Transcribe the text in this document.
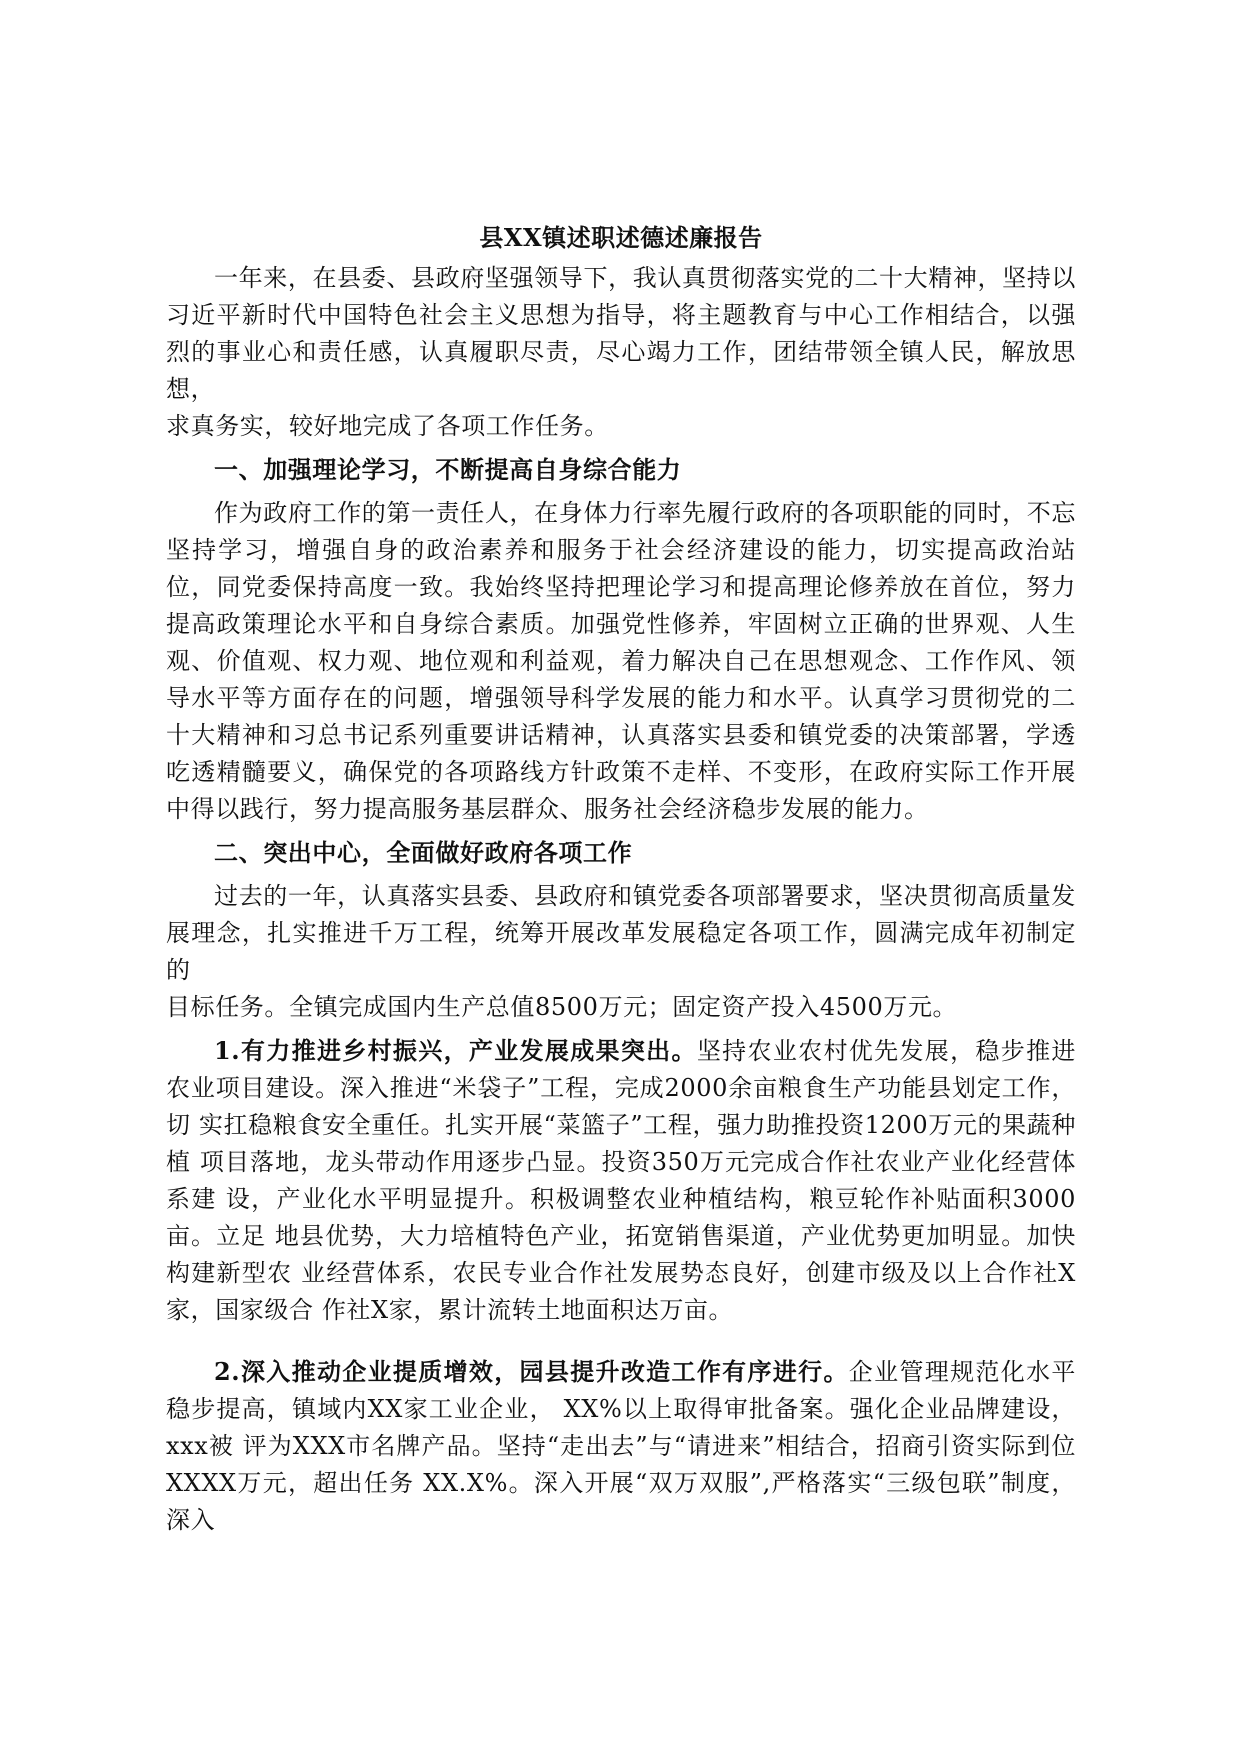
县XX镇述职述德述廉报告

一年来，在县委、县政府坚强领导下，我认真贯彻落实党的二十大精神，坚持以习近平新时代中国特色社会主义思想为指导，将主题教育与中心工作相结合，以强烈的事业心和责任感，认真履职尽责，尽心竭力工作，团结带领全镇人民，解放思想，

求真务实，较好地完成了各项工作任务。

一、加强理论学习，不断提高自身综合能力

作为政府工作的第一责任人，在身体力行率先履行政府的各项职能的同时，不忘坚持学习，增强自身的政治素养和服务于社会经济建设的能力，切实提高政治站位，同党委保持高度一致。我始终坚持把理论学习和提高理论修养放在首位，努力提高政策理论水平和自身综合素质。加强党性修养，牢固树立正确的世界观、人生观、价值观、权力观、地位观和利益观，着力解决自己在思想观念、工作作风、领导水平等方面存在的问题，增强领导科学发展的能力和水平。认真学习贯彻党的二十大精神和习总书记系列重要讲话精神，认真落实县委和镇党委的决策部署，学透吃透精髓要义，确保党的各项路线方针政策不走样、不变形，在政府实际工作开展中得以践行，努力提高服务基层群众、服务社会经济稳步发展的能力。

二、突出中心，全面做好政府各项工作

过去的一年，认真落实县委、县政府和镇党委各项部署要求，坚决贯彻高质量发展理念，扎实推进千万工程，统筹开展改革发展稳定各项工作，圆满完成年初制定的

目标任务。全镇完成国内生产总值8500万元；固定资产投入4500万元。

1.有力推进乡村振兴，产业发展成果突出。坚持农业农村优先发展，稳步推进农业项目建设。深入推进“米袋子”工程，完成2000余亩粮食生产功能县划定工作，切 实扛稳粮食安全重任。扎实开展“菜篮子”工程，强力助推投资1200万元的果蔬种植 项目落地，龙头带动作用逐步凸显。投资350万元完成合作社农业产业化经营体系建 设，产业化水平明显提升。积极调整农业种植结构，粮豆轮作补贴面积3000亩。立足 地县优势，大力培植特色产业，拓宽销售渠道，产业优势更加明显。加快构建新型农 业经营体系，农民专业合作社发展势态良好，创建市级及以上合作社X家，国家级合 作社X家，累计流转土地面积达万亩。

2.深入推动企业提质增效，园县提升改造工作有序进行。企业管理规范化水平稳步提高，镇域内XX家工业企业， XX%以上取得审批备案。强化企业品牌建设， xxx被 评为XXX市名牌产品。坚持“走出去”与“请进来”相结合，招商引资实际到位XXXX万元，超出任务 XX.X%。深入开展“双万双服”,严格落实“三级包联”制度，深入
